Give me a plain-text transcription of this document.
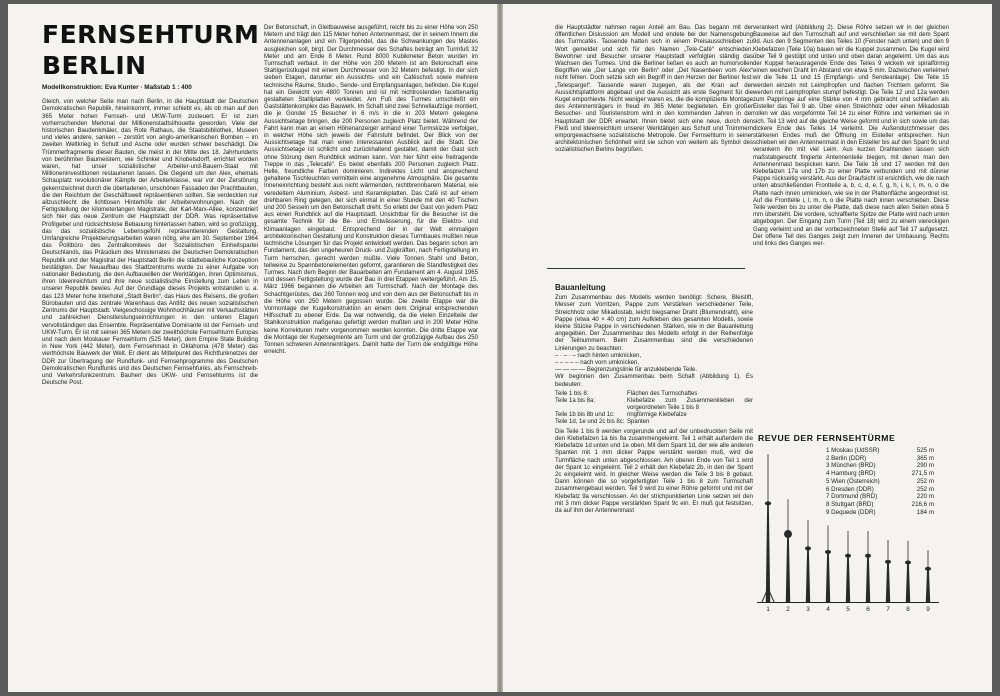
FERNSEHTURM
BERLIN
Modellkonstruktion: Eva Kunter · Maßstab 1 : 400

Gleich, von welcher Seite man nach Berlin, in die Hauptstadt der Deutschen Demokratischen Republik, hineinkommt, immer schiebt es, als ob man auf den 365 Meter hohen Fernseh- und UKW-Turm zusteuert. Er ist zum vorherrschenden Merkmal der Millionenstadtsilhouette geworden. Viele der historischen Baudenkmäler, das Rote Rathaus, die Staatsbibliothek, Museen und vieles andere, sanken – zerstört von anglo-amerikanischen Bomben – im zweiten Weltkrieg in Schutt und Asche oder wurden schwer beschädigt. Die Trümmerfragmente dieser Bauten, die meist in der Mitte des 18. Jahrhunderts von berühmten Baumeistern, wie Schinkel und Knobelsdorff, errichtet worden waren, hat unser sozialistischer Arbeiter-und-Bauern-Staat mit Millioneninvestitionen restaurieren lassen. Die Gegend um den Alex, ehemals Schauplatz revolutionärer Kämpfe der Arbeiterklasse, war vor der Zerstörung gekennzeichnet durch die überladenen, unschönen Fassaden der Prachtbauten, die den Reichtum der Geschäftswelt repräsentieren sollten. Sie verdeckten nur allzuschlecht die lichtlosen Hinterhöfe der Arbeiterwohnungen. Nach der Fertigstellung der kilometerlangen Magistrale, der Karl-Marx-Allee, konzentriert sich hier das neue Zentrum der Hauptstadt der DDR. Was repräsentative Profilgeber und rücksichtslose Bebauung hinterlassen hatten, wird so großzügig, das das sozialistische Lebensgefühl repräsentierenden Gestaltung. Umfangreiche Projektierungsarbeiten waren nötig, ehe am 30. September 1964 das Politbüro des Zentralkomitees der Sozialistischen Einheitspartei Deutschlands, das Präsidium des Ministerrates der Deutschen Demokratischen Republik und der Magistrat der Hauptstadt Berlin die städtebauliche Konzeption bestätigten. Der Neuaufbau des Stadtzentrums wurde zu einer Aufgabe von nationaler Bedeutung, die den Aufbauwillen der Werktätigen, ihren Optimismus, ihren Ideenreichtum und ihre neue sozialistische Einstellung zum Leben in unserer Republik bewies. Auf der Grundlage dieses Projekts entstanden u. a. das 123 Meter hohe Interhotel „Stadt Berlin“, das Haus des Reisens, die großen Bürobauten und das zentrale Warenhaus das Antlitz des neuen sozialistischen Zentrums der Hauptstadt. Vielgeschossige Wohnhochhäuser mit Verkaufsstätten und zahlreichen Dienstleistungseinrichtungen in den unteren Etagen vervollständigen das Ensemble. Repräsentative Dominante ist der Fernseh- und UKW-Turm. Er ist mit seinen 365 Metern der zweithöchste Fernsehturm Europas und nach dem Moskauer Fernsehturm (525 Meter), dem Empire State Building in New York (442 Meter), dem Fernsehmast in Oklahoma (478 Meter) das vierthöchste Bauwerk der Welt. Er dient als Mittelpunkt des Richtfunknetzes der DDR zur Übertragung der Rundfunk- und Fernsehprogramme des Deutschen Demokratischen Rundfunks und des Deutschen Fernsehfunks, als Fernschreib- und Verkehrsfunkzentrum. Bauherr des UKW- und Fernsehturms ist die Deutsche Post.

Der Betonschaft, in Gleitbauweise ausgeführt, reicht bis zu einer Höhe von 250 Metern und trägt den 115 Meter hohen Antennenmast, der in seinem Innern die Antennenanlagen und ein Tilgerpendel, das die Schwankungen des Mastes ausgleichen soll, birgt. Der Durchmesser des Schaftes beträgt am Turmfuß 32 Meter und am Ende 8 Meter. Rund 8000 Kubikmeter Beton wurden im Turmschaft verbaut. In der Höhe von 200 Metern ist am Betonschaft eine Stahlgerüstkugel mit einem Durchmesser von 32 Metern befestigt. In der sich sieben Etagen, darunter ein Aussichts- und ein Caféschoß sowie mehrere technische Räume, Studio-, Sende- und Empfangsanlagen, befinden. Die Kugel hat ein Gewicht von 4800 Tonnen und ist mit nichtrostenden facettenartig gestalteten Stahlplatten verkleidet. Am Fuß des Turmes umschließt ein Gaststättenkomplex das Bauwerk. Im Schaft sind zwei Schnellaufzüge montiert, die je Gondel 15 Besucher in 6 m/s in die in 203 Metern gelegene Aussichtsetage bringen, die 200 Personen zugleich Platz bietet. Während der Fahrt kann man an einem Höhenanzeiger anhand einer Turmskizze verfolgen, in welcher Höhe sich jeweils der Fahrstuhl befindet. Der Blick von der Aussichtsetage hat man einen interessanten Ausblick auf die Stadt. Die Aussichtsetage ist schlicht und zurückhaltend gestaltet, damit der Gast sich ohne Störung dem Rundblick widmen kann. Von hier führt eine freitragende Treppe in das „Telecafé“. Es bietet ebenfalls 200 Personen zugleich Platz. Helle, freundliche Farben dominieren. Indirektes Licht und ansprechend gehaltene Tischleuchten vermitteln eine angenehme Atmosphäre. Die gesamte Inneneinrichtung besteht aus nicht wärmenden, nichtbrennbarem Material, wie veredeltem Aluminium, Asbest- und Keramikplatten. Das Café ist auf einem drehbaren Ring gelegen, der sich einmal in einer Stunde mit den 40 Tischen und 200 Sesseln um den Betonschaft dreht. So erlebt der Gast von jedem Platz aus einen Rundblick auf die Hauptstadt. Unsichtbar für die Besucher ist die gesamte Technik für die Be- und Entwässerung, für die Elektro- und Klimaanlagen eingebaut. Entsprechend der in der Welt einmaligen architektonischen Gestaltung und Konstruktion dieses Turmbaues mußten neue technische Lösungen für das Projekt entwickelt werden. Das begann schon am Fundament, das den ungeheuren Druck- und Zugkräften, nach Fertigstellung im Turm herrschen, gerecht werden mußte. Viele Tonnen Stahl und Beton, teilweise zu Spannbetonelementen geformt, garantieren die Standfestigkeit des Turmes. Nach dem Beginn der Bauarbeiten am Fundament am 4. August 1965 und dessen Fertigstellung wurde der Bau in drei Etappen weitergeführt. Am 15. März 1966 begannen die Arbeiten am Turmschaft. Nach der Montage des Schachtgerüstes, das 260 Tonnen wog und von dem aus der Betonschaft bis in die Höhe von 250 Metern gegossen wurde. Die zweite Etappe war die Vormontage der Kugelkonstruktion an einem dem Original entsprechenden Hilfsschaft zu ebener Erde. Da war notwendig, da die vielen Einzelteile der Stahlkonstruktion maßgenau gefertigt werden mußten und in 200 Meter Höhe keine Korrekturen mehr vorgenommen werden konnten. Die dritte Etappe war die Montage der Kugelsegmente am Turm und der großzügige Aufbau des 250 Tonnen schweren Antennenträgers. Damit hatte der Turm die endgültige Höhe erreicht.

die Hauptstädter nahmen regen Anteil am Bau. Das begann mit der öffentlichen Diskussion am Modell und endete bei der Namensgebung des Turmcafés. Tausende hatten sich in einem Preisausschreiben zu Wort gemeldet und sich für den Namen „Tele-Café“ entschieden. Bewohner und Besucher unserer Hauptstadt verfolgten ständig das Wachsen des Turmes. Und die Berliner ließen es auch an humorvollen Begriffen wie „Der Lange von Berlin“ oder „Det Nasenbeen vom Alex“ nicht fehlen. Doch setzte sich ein Begriff in den Herzen der Berliner fest: „Telespargel“. Tausende waren zugegen, als der Kran auf der Aussichtsplattform abgebaut und die Aussicht als erste Segment für die Kugel emporhievte. Nicht weniger waren es, die die komplizierte Montage des Antennenträgers in freud im 365 Meter begleiteten. Ein großer Besucher- und Touristenstrom wird in den kommenden Jahren in der Hauptstadt der DDR erwartet. Ihnen bietet sich eine neue, durch den Fleiß und Ideenreichtum unserer Werktätigen aus Schutt und Trümmern emporgewachsene sozialistische Metropole. Der Fernsehturm in seiner architektonischen Schönheit wird sie schon von weitem als Symbol des sozialistischen Berlins begrüßen.

Bauanleitung

Zum Zusammenbau des Modells werden benötigt: Schere, Bleistift, Messer zum Vorritzen, Pappe zum Verstärken verschiedener Teile, Streichholz oder Mikadostab, leicht biegsamer Draht (Blumendraht), eine Pappe (etwa 40 × 40 cm) zum Aufkleben des gesamten Modells, sowie kleine Stücke Pappe in verschiedenen Stärken, wie in der Bauanleitung angegeben. Der Zusammenbau des Modells erfolgt in der Reihenfolge der Teilnummern. Beim Zusammenbau sind die verschiedenen Linierungen zu beachten:

– · – · – nach hinten umknicken,
– – – – – nach vorn umknicken,
—·—·—·— Begrenzungslinie für anzuklebende Teile.

Wir beginnen den Zusammenbau beim Schaft (Abbildung 1). Es bedeuten:

Teile 1 bis 8:	Flächen des Turmschaftes
Teile 1a bis 8a:	Klebefalze zum Zusammenkleben der vorgeordneten Teile 1 bis 8
Teile 1b bis 8b und 1c:	ringförmige Klebefalze
Teile 1d, 1e und 2c bis 8c: Spanten

Die Teile 1 bis 8 werden vorgerunde und auf der unbedruckten Seite mit den Klebefalzen 1a bis 8a zusammengeleimt. Teil 1 erhält außerdem die Klebefalze 1d unten und 1e oben. Mit dem Spant 1d, der wie alle anderen Spanten mit 1 mm dicker Pappe verstärkt werden muß, wird die Turmfläche nach unten abgeschlossen. Am oberen Ende von Teil 1 wird der Spant 1c eingeleimt. Teil 2 erhält den Klebefalz 2b, in den der Spant 2c eingeleimt wird. In gleicher Weise werden die Teile 3 bis 8 gebaut. Dann können die so vorgefertigten Teile 1 bis 8 zum Turmschaft zusammengebaut werden. Teil 9 wird zu einer Röhre geformt und mit der Klebefalz 9a verschlossen. An der strichpunktierten Linie setzen wir den mit 3 mm dicker Pappe verstärkten Spant 9c ein. Er muß gut festsitzen, da auf ihm der Antennenmast

verankert wird (Abbildung 2). Diese Röhre setzen wir in der gleichen Bauweise auf den Turmschaft auf und verschließen sie mit dem Spant 9d. Aus den 9 Segmenten des Teiles 10 (Fenster nach unten) und den 9 Klebefalzen (Teile 10a) bauen wir die Kuppel zusammen. Die Kugel wird über Teil 9 gestülpt und unten und oben daran angeleimt. Um das aus der Kuppel herausragende Ende des Teiles 9 wickeln wir spiralförmig einen weichen Draht im Abstand von etwa 5 mm. Dazwischen verleimen wir die Teile 11 und 15 (Empfangs- und Sendeanlage). Die Teile 15 werden einzeln mit Leimpfropfen und flachen Trichtern geformt. Sie werden mit Leimpfropfen stumpf befestigt. Die Teile 12 und 12a werden zum Pappringe auf eine Stärke von 4 mm gebracht und schließen als Eisteller das Teil 9 ab. Über einen Streichholz oder einen Mikadostab rollen wir das vorgeformte Teil 14 zu einer Röhre und verleimen sie in sich. Teil 13 wird auf die gleiche Weise geformt und in sich sowie um das dickere Ende des Teiles 14 verleimt. Die Außendurchmesser des stärkeren Endes muß der Öffnung im Eisteller entsprechen. Nun schieben wir den Antennenmast in den Eisteller bis auf den Spant 9c und verankern ihn mit viel Leim. Aus kurzen Drahtenden lassen sich maßstabgerecht fingierte Antennenteile biegen, mit denen man den Antennenmast bespicken kann. Die Teile 16 und 17 werden mit den Klebefalzen 17a und 17b zu einer Platte verbunden und mit dünner Pappe rückseitig verstärkt. Aus der Draufsicht ist ersichtlich, wie die nach unten abschließenden Frontteile a, b, c, d, e, f, g, h, i, k, l, m, n, o die Platte nach innen umknicken, wie sie in der Plattenfläche angeordnet ist. Auf die Frontteile i, l, m, n, o die Platte nach innen verschieben. Diese Teile werden bis zu unter die Platte, daß diese nach allen Seiten etwa 5 mm übersteht. Die vordere, schraffierte Spitze der Platte wird nach unten abgebogen. Der Eingang zum Turm (Teil 18) wird zu einem viereckigen Gang verleimt und an der vorbezeichneten Stelle auf Teil 17 aufgesetzt. Der offene Teil des Ganges zeigt zum Inneren der Umbauung. Rechts und links des Ganges wer-

REVUE DER FERNSEHTÜRME
1 Moskau (UdSSR)	525 m
2 Berlin (DDR)	365 m
3 München (BRD)	290 m
4 Hamburg (BRD)	271,5 m
5 Wien (Österreich)	252 m
6 Dresden (DDR)	252 m
7 Dortmund (BRD)	220 m
8 Stuttgart (BRD)	216,6 m
9 Dequede (DDR)	184 m
1	2	3	4	5	6	7	8	9
